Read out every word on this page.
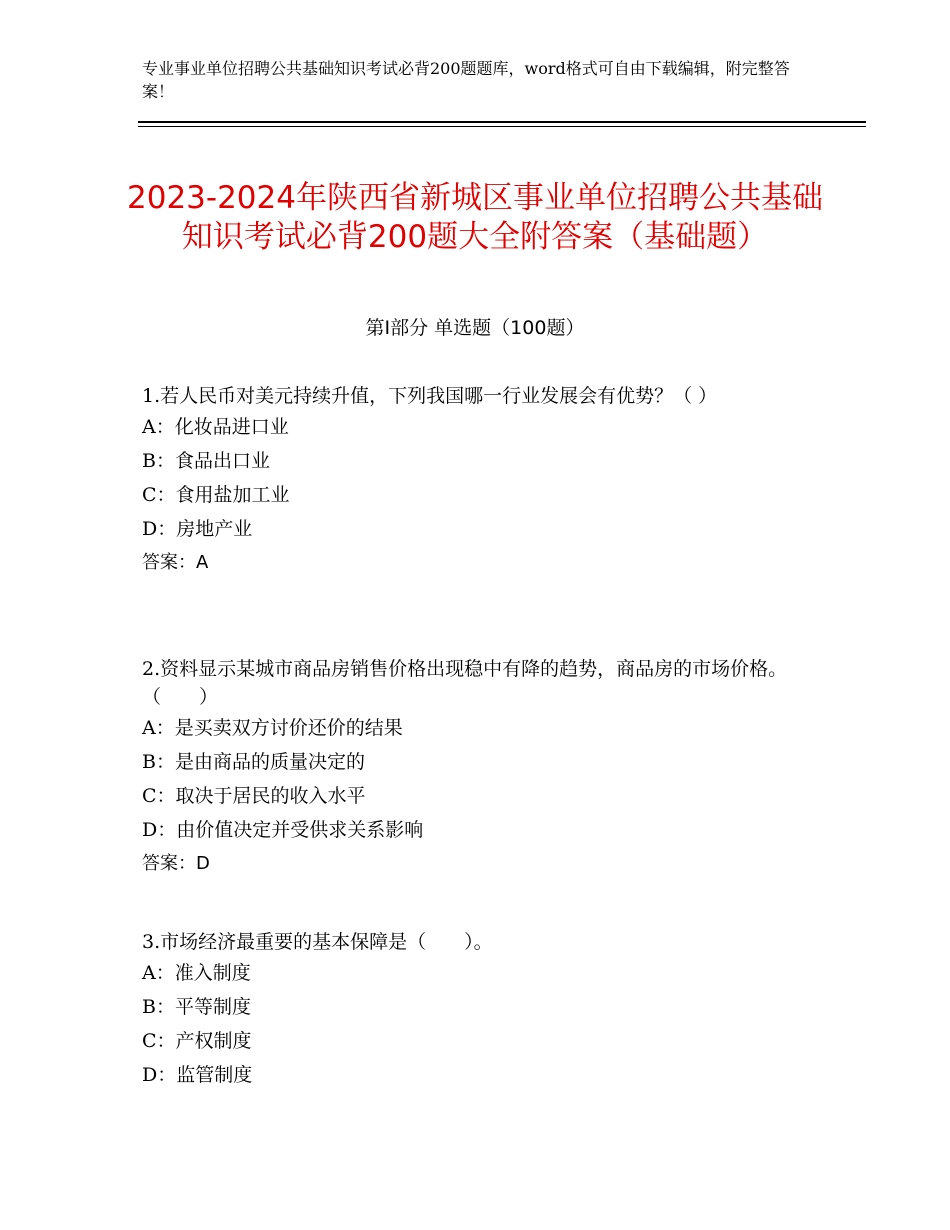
专业事业单位招聘公共基础知识考试必背200题题库，word格式可自由下载编辑，附完整答案！
2023-2024年陕西省新城区事业单位招聘公共基础知识考试必背200题大全附答案（基础题）
第I部分 单选题（100题）

1.若人民币对美元持续升值，下列我国哪一行业发展会有优势？（ ）

A：化妆品进口业

B：食品出口业

C：食用盐加工业

D：房地产业

答案：A

2.资料显示某城市商品房销售价格出现稳中有降的趋势，商品房的市场价格。（　　）

A：是买卖双方讨价还价的结果

B：是由商品的质量决定的

C：取决于居民的收入水平

D：由价值决定并受供求关系影响

答案：D

3.市场经济最重要的基本保障是（　　）。

A：准入制度

B：平等制度

C：产权制度

D：监管制度
